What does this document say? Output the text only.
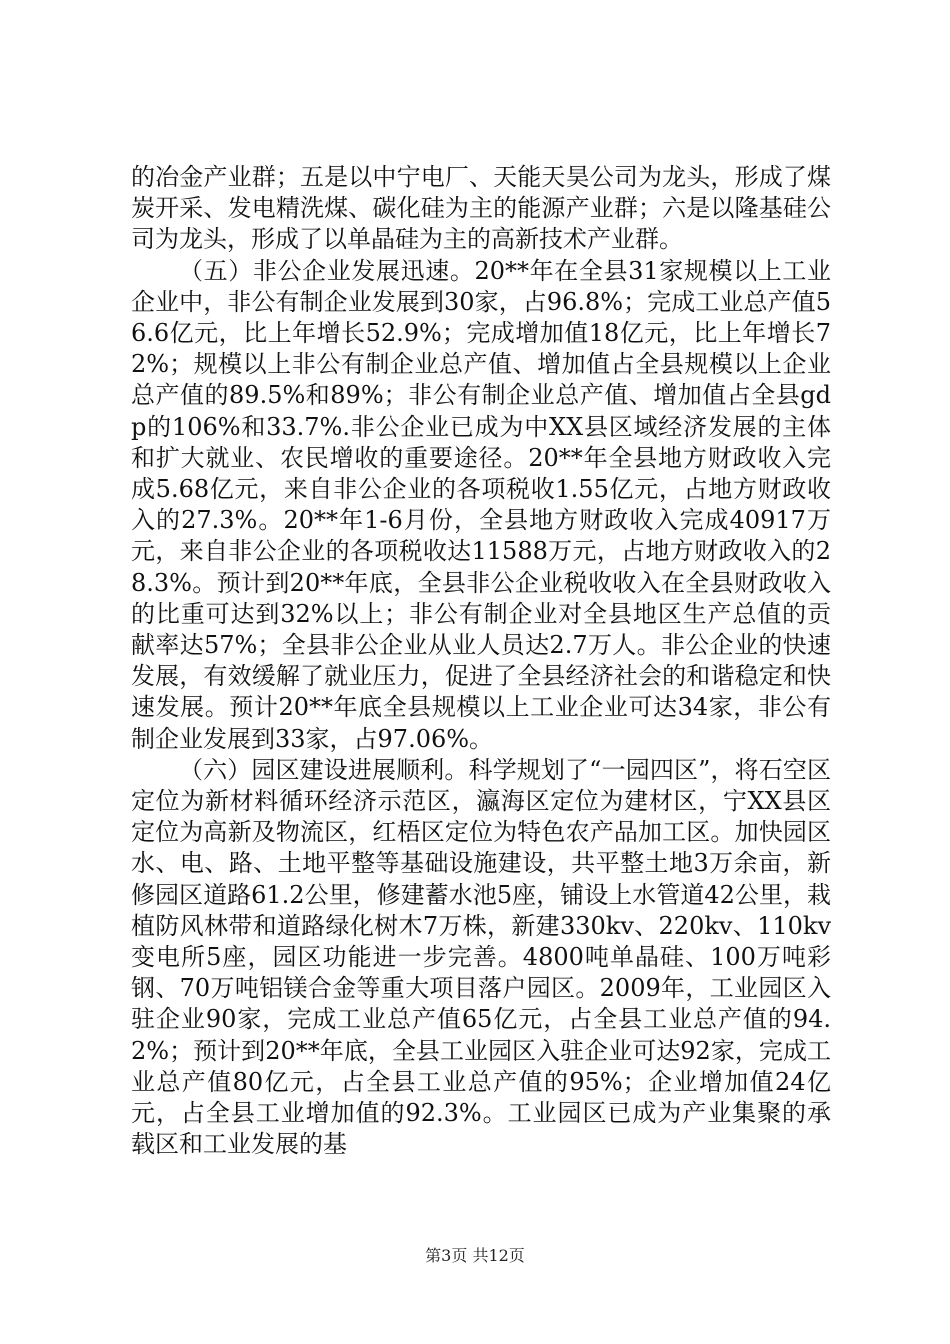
的冶金产业群；五是以中宁电厂、天能天昊公司为龙头，形成了煤炭开采、发电精洗煤、碳化硅为主的能源产业群；六是以隆基硅公司为龙头，形成了以单晶硅为主的高新技术产业群。

（五）非公企业发展迅速。20**年在全县31家规模以上工业企业中，非公有制企业发展到30家，占96.8%；完成工业总产值56.6亿元，比上年增长52.9%；完成增加值18亿元，比上年增长72%；规模以上非公有制企业总产值、增加值占全县规模以上企业总产值的89.5%和89%；非公有制企业总产值、增加值占全县gdp的106%和33.7%.非公企业已成为中XX县区域经济发展的主体和扩大就业、农民增收的重要途径。20**年全县地方财政收入完成5.68亿元，来自非公企业的各项税收1.55亿元，占地方财政收入的27.3%。20**年1-6月份，全县地方财政收入完成40917万元，来自非公企业的各项税收达11588万元，占地方财政收入的28.3%。预计到20**年底，全县非公企业税收收入在全县财政收入的比重可达到32%以上；非公有制企业对全县地区生产总值的贡献率达57%；全县非公企业从业人员达2.7万人。非公企业的快速发展，有效缓解了就业压力，促进了全县经济社会的和谐稳定和快速发展。预计20**年底全县规模以上工业企业可达34家，非公有制企业发展到33家，占97.06%。

（六）园区建设进展顺利。科学规划了“一园四区”，将石空区定位为新材料循环经济示范区，瀛海区定位为建材区，宁XX县区定位为高新及物流区，红梧区定位为特色农产品加工区。加快园区水、电、路、土地平整等基础设施建设，共平整土地3万余亩，新修园区道路61.2公里，修建蓄水池5座，铺设上水管道42公里，栽植防风林带和道路绿化树木7万株，新建330kv、220kv、110kv变电所5座，园区功能进一步完善。4800吨单晶硅、100万吨彩钢、70万吨铝镁合金等重大项目落户园区。2009年，工业园区入驻企业90家，完成工业总产值65亿元，占全县工业总产值的94.2%；预计到20**年底，全县工业园区入驻企业可达92家，完成工业总产值80亿元，占全县工业总产值的95%；企业增加值24亿元，占全县工业增加值的92.3%。工业园区已成为产业集聚的承载区和工业发展的基

第3页 共12页
